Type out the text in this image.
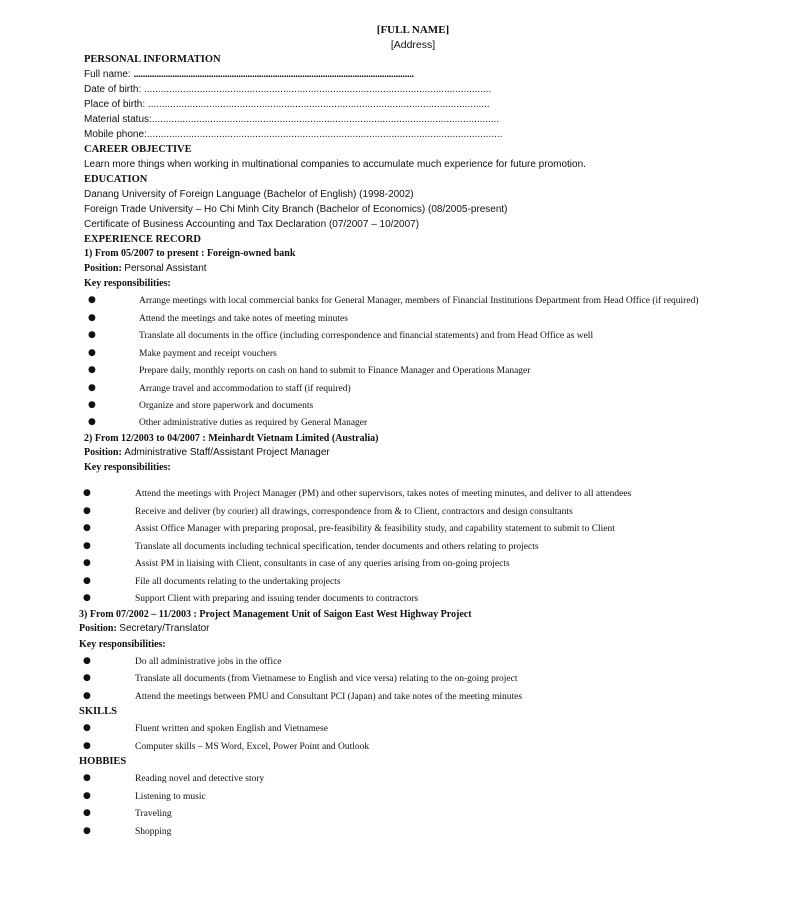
[FULL NAME]
[Address]
PERSONAL INFORMATION
Full name: ...........................................................................................................................
Date of birth: .............................................................................................................................
Place of birth: ...........................................................................................................................
Material status:.............................................................................................................................
Mobile phone:................................................................................................................................
CAREER OBJECTIVE
Learn more things when working in multinational companies to accumulate much experience for future promotion.
EDUCATION
Danang University of Foreign Language (Bachelor of English) (1998-2002)
Foreign Trade University – Ho Chi Minh City Branch (Bachelor of Economics) (08/2005-present)
Certificate of Business Accounting and Tax Declaration (07/2007 – 10/2007)
EXPERIENCE RECORD
1) From 05/2007 to present : Foreign-owned bank
Position: Personal Assistant
Key responsibilities:
●	Arrange meetings with local commercial banks for General Manager, members of Financial Institutions Department from Head Office (if required)
●	Attend the meetings and take notes of meeting minutes
●	Translate all documents in the office (including correspondence and financial statements) and from Head Office as well
●	Make payment and receipt vouchers
●	Prepare daily, monthly reports on cash on hand to submit to Finance Manager and Operations Manager
●	Arrange travel and accommodation to staff (if required)
●	Organize and store paperwork and documents
●	Other administrative duties as required by General Manager
2) From 12/2003 to 04/2007 : Meinhardt Vietnam Limited (Australia)
Position: Administrative Staff/Assistant Project Manager
Key responsibilities:
●	Attend the meetings with Project Manager (PM) and other supervisors, takes notes of meeting minutes, and deliver to all attendees
●	Receive and deliver (by courier) all drawings, correspondence from & to Client, contractors and design consultants
●	Assist Office Manager with preparing proposal, pre-feasibility & feasibility study, and capability statement to submit to Client
●	Translate all documents including technical specification, tender documents and others relating to projects
●	Assist PM in liaising with Client, consultants in case of any queries arising from on-going projects
●	File all documents relating to the undertaking projects
●	Support Client with preparing and issuing tender documents to contractors
3) From 07/2002 – 11/2003 : Project Management Unit of Saigon East West Highway Project
Position: Secretary/Translator
Key responsibilities:
●	Do all administrative jobs in the office
●	Translate all documents (from Vietnamese to English and vice versa) relating to the on-going project
●	Attend the meetings between PMU and Consultant PCI (Japan) and take notes of the meeting minutes
SKILLS
●	Fluent written and spoken English and Vietnamese
●	Computer skills – MS Word, Excel, Power Point and Outlook
HOBBIES
●	Reading novel and detective story
●	Listening to music
●	Traveling
●	Shopping
